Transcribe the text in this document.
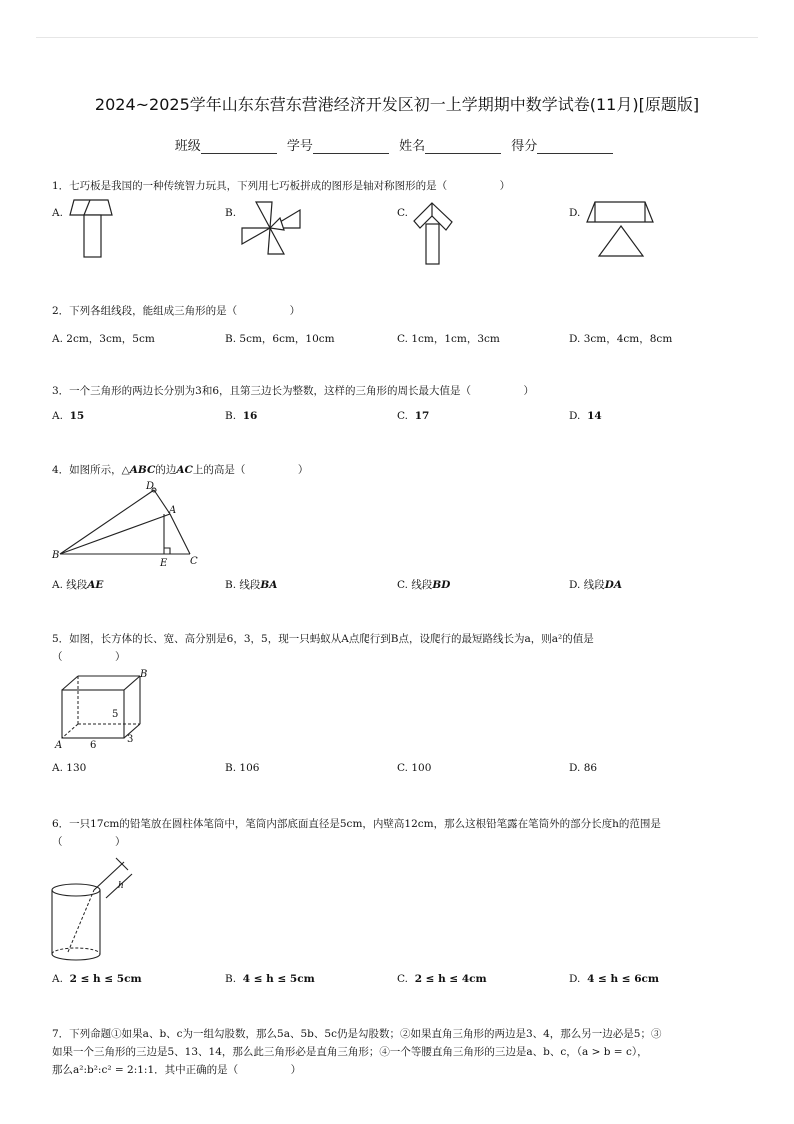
2024~2025学年山东东营东营港经济开发区初一上学期期中数学试卷(11月)[原题版]
班级	学号	姓名	得分
1．七巧板是我国的一种传统智力玩具，下列用七巧板拼成的图形是轴对称图形的是（　　　　　）
A.	B.	C.	D.
2．下列各组线段，能组成三角形的是（　　　　　）
A. 2cm，3cm，5cm	B. 5cm，6cm，10cm	C. 1cm，1cm，3cm	D. 3cm，4cm，8cm
3．一个三角形的两边长分别为3和6，且第三边长为整数，这样的三角形的周长最大值是（　　　　　）
A. 15	B. 16	C. 17	D. 14
4．如图所示，△ABC的边AC上的高是（　　　　　）
D
A
B
E C
A. 线段AE	B. 线段BA	C. 线段BD	D. 线段DA
5．如图，长方体的长、宽、高分别是6，3，5，现一只蚂蚁从A点爬行到B点，设爬行的最短路线长为a，则a²的值是
（　　　　　）
B
A
5
6
3
A. 130	B. 106	C. 100	D. 86
6．一只17cm的铅笔放在圆柱体笔筒中，笔筒内部底面直径是5cm，内壁高12cm，那么这根铅笔露在笔筒外的部分长度h的范围是
（　　　　　）
h
A. 2 ≤ h ≤ 5cm	B. 4 ≤ h ≤ 5cm	C. 2 ≤ h ≤ 4cm	D. 4 ≤ h ≤ 6cm
7．下列命题①如果a、b、c为一组勾股数，那么5a、5b、5c仍是勾股数；②如果直角三角形的两边是3、4，那么另一边必是5；③
如果一个三角形的三边是5、13、14，那么此三角形必是直角三角形；④一个等腰直角三角形的三边是a、b、c，（a > b = c），
那么a²:b²:c² = 2:1:1．其中正确的是（　　　　　）
